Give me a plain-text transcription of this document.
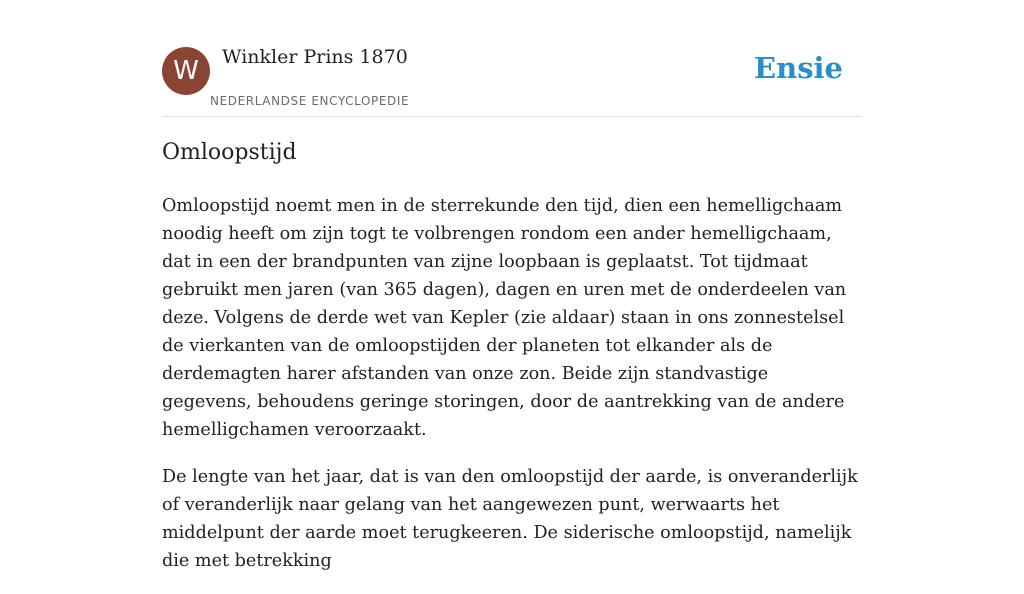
W	Winkler Prins 1870
NEDERLANDSE ENCYCLOPEDIE
Ensie
Omloopstijd

Omloopstijd noemt men in de sterrekunde den tijd, dien een hemelligchaam noodig heeft om zijn togt te volbrengen rondom een ander hemelligchaam, dat in een der brandpunten van zijne loopbaan is geplaatst. Tot tijdmaat gebruikt men jaren (van 365 dagen), dagen en uren met de onderdeelen van deze. Volgens de derde wet van Kepler (zie aldaar) staan in ons zonnestelsel de vierkanten van de omloopstijden der planeten tot elkander als de derdemagten harer afstanden van onze zon. Beide zijn standvastige gegevens, behoudens geringe storingen, door de aantrekking van de andere hemelligchamen veroorzaakt.

De lengte van het jaar, dat is van den omloopstijd der aarde, is onveranderlijk of veranderlijk naar gelang van het aangewezen punt, werwaarts het middelpunt der aarde moet terugkeeren. De siderische omloopstijd, namelijk die met betrekking
